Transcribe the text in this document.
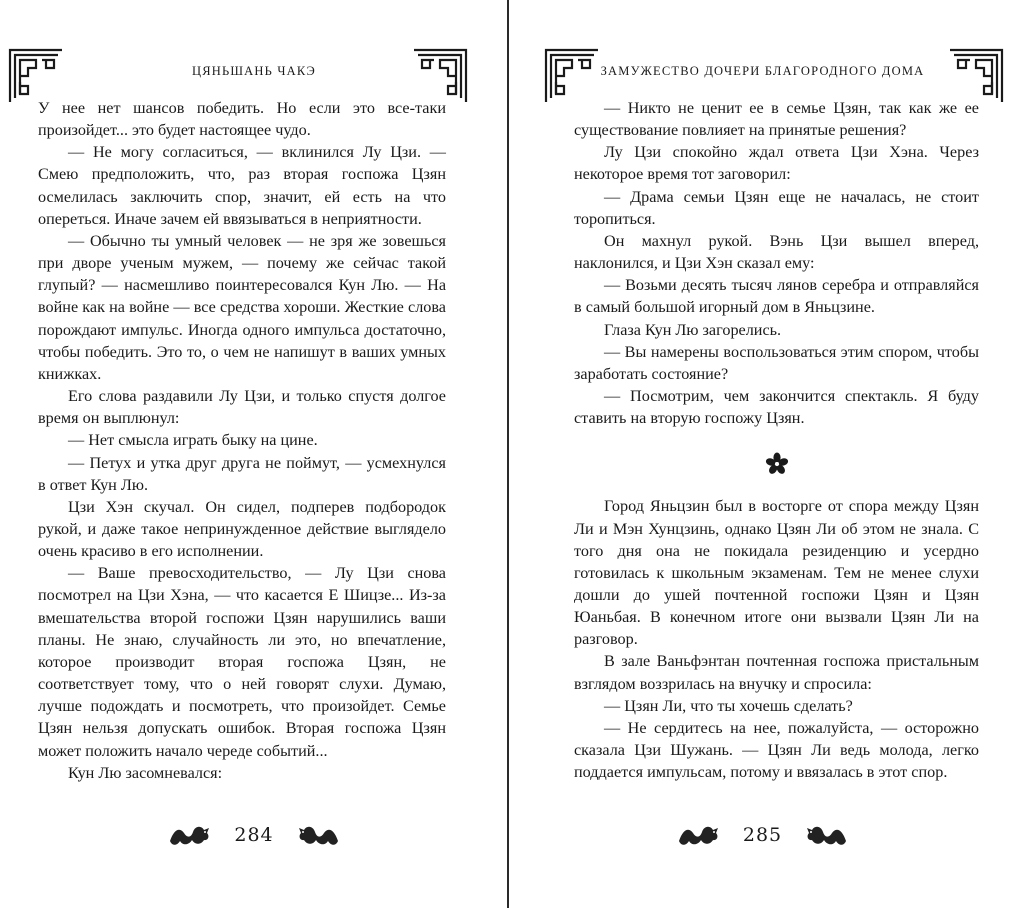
ЦЯНЬШАНЬ ЧАКЭ

У нее нет шансов победить. Но если это все-таки произойдет... это будет настоящее чудо.

— Не могу согласиться, — вклинился Лу Цзи. — Смею предположить, что, раз вторая госпожа Цзян осмелилась заключить спор, значит, ей есть на что опереться. Иначе зачем ей ввязываться в неприятности.

— Обычно ты умный человек — не зря же зовешься при дворе ученым мужем, — почему же сейчас такой глупый? — насмешливо поинтересовался Кун Лю. — На войне как на войне — все средства хороши. Жесткие слова порождают импульс. Иногда одного импульса достаточно, чтобы победить. Это то, о чем не напишут в ваших умных книжках.

Его слова раздавили Лу Цзи, и только спустя долгое время он выплюнул:

— Нет смысла играть быку на цине.

— Петух и утка друг друга не поймут, — усмехнулся в ответ Кун Лю.

Цзи Хэн скучал. Он сидел, подперев подбородок рукой, и даже такое непринужденное действие выглядело очень красиво в его исполнении.

— Ваше превосходительство, — Лу Цзи снова посмотрел на Цзи Хэна, — что касается Е Шицзе... Из-за вмешательства второй госпожи Цзян нарушились ваши планы. Не знаю, случайность ли это, но впечатление, которое производит вторая госпожа Цзян, не соответствует тому, что о ней говорят слухи. Думаю, лучше подождать и посмотреть, что произойдет. Семье Цзян нельзя допускать ошибок. Вторая госпожа Цзян может положить начало череде событий...

Кун Лю засомневался:

284
ЗАМУЖЕСТВО ДОЧЕРИ БЛАГОРОДНОГО ДОМА

— Никто не ценит ее в семье Цзян, так как же ее существование повлияет на принятые решения?

Лу Цзи спокойно ждал ответа Цзи Хэна. Через некоторое время тот заговорил:

— Драма семьи Цзян еще не началась, не стоит торопиться.

Он махнул рукой. Вэнь Цзи вышел вперед, наклонился, и Цзи Хэн сказал ему:

— Возьми десять тысяч лянов серебра и отправляйся в самый большой игорный дом в Яньцзине.

Глаза Кун Лю загорелись.

— Вы намерены воспользоваться этим спором, чтобы заработать состояние?

— Посмотрим, чем закончится спектакль. Я буду ставить на вторую госпожу Цзян.

Город Яньцзин был в восторге от спора между Цзян Ли и Мэн Хунцзинь, однако Цзян Ли об этом не знала. С того дня она не покидала резиденцию и усердно готовилась к школьным экзаменам. Тем не менее слухи дошли до ушей почтенной госпожи Цзян и Цзян Юаньбая. В конечном итоге они вызвали Цзян Ли на разговор.

В зале Ваньфэнтан почтенная госпожа пристальным взглядом воззрилась на внучку и спросила:

— Цзян Ли, что ты хочешь сделать?

— Не сердитесь на нее, пожалуйста, — осторожно сказала Цзи Шужань. — Цзян Ли ведь молода, легко поддается импульсам, потому и ввязалась в этот спор.

285
